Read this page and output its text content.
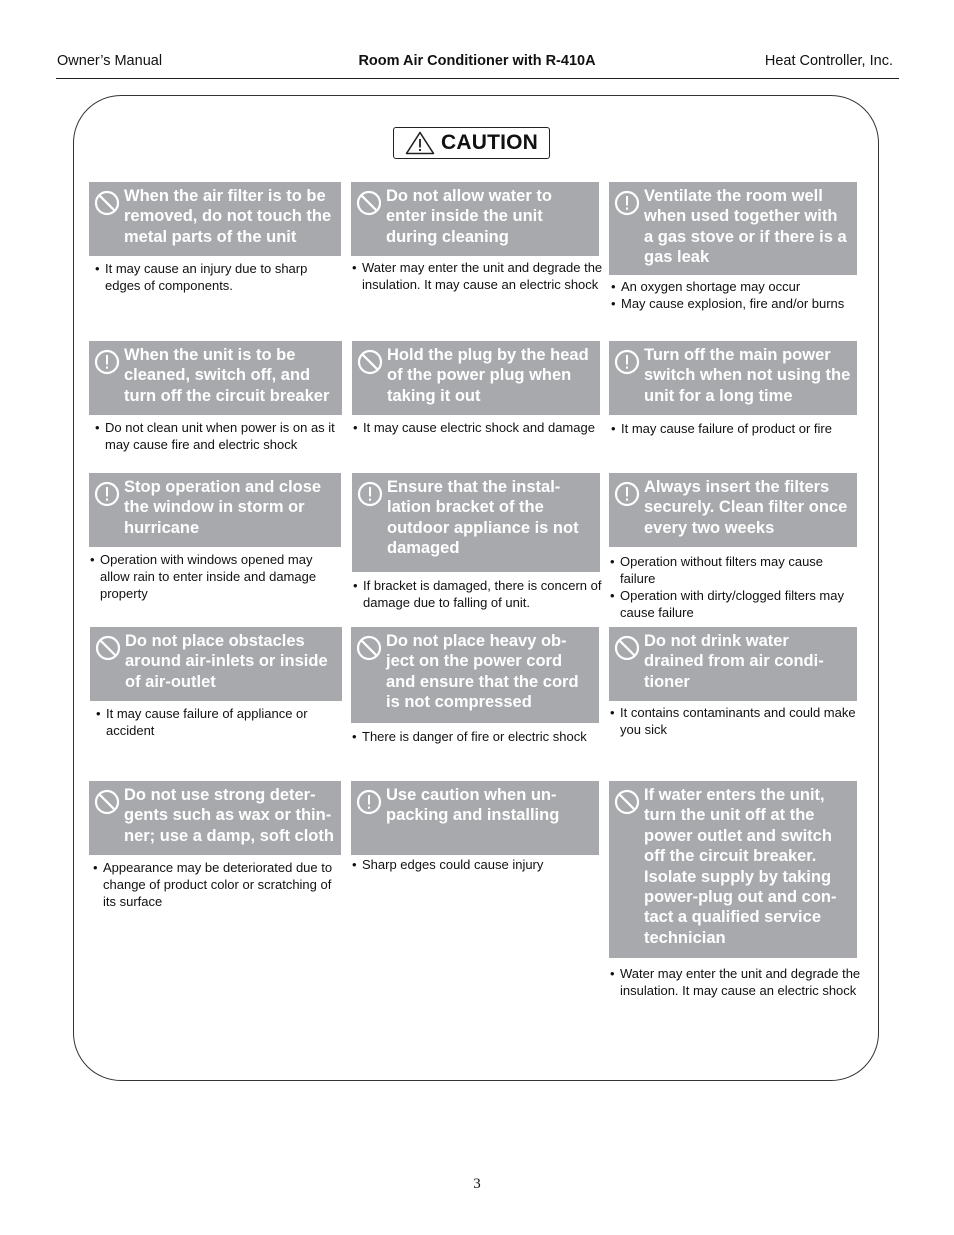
Owner’s Manual	Room Air Conditioner with R-410A	Heat Controller, Inc.
CAUTION
When the air filter is to be removed, do not touch the metal parts of the unit
• It may cause an injury due to sharp edges of components.
Do not allow water to enter inside the unit during cleaning
• Water may enter the unit and degrade the insulation. It may cause an electric shock
Ventilate the room well when used together with a gas stove or if there is a gas leak
• An oxygen shortage may occur
• May cause explosion, fire and/or burns
When the unit is to be cleaned, switch off, and turn off the circuit breaker
• Do not clean unit when power is on as it may cause fire and electric shock
Hold the plug by the head of the power plug when taking it out
• It may cause electric shock and damage
Turn off the main power switch when not using the unit for a long time
• It may cause failure of product or fire
Stop operation and close the window in storm or hurricane
• Operation with windows opened may allow rain to enter inside and damage property
Ensure that the instal-lation bracket of the outdoor appliance is not damaged
• If bracket is damaged, there is concern of damage due to falling of unit.
Always insert the filters securely. Clean filter once every two weeks
• Operation without filters may cause failure
• Operation with dirty/clogged filters may cause failure
Do not place obstacles around air-inlets or inside of air-outlet
• It may cause failure of appliance or accident
Do not place heavy ob-ject on the power cord and ensure that the cord is not compressed
• There is danger of fire or electric shock
Do not drink water drained from air condi-tioner
• It contains contaminants and could make you sick
Do not use strong deter-gents such as wax or thin-ner; use a damp, soft cloth
• Appearance may be deteriorated due to change of product color or scratching of its surface
Use caution when un-packing and installing
• Sharp edges could cause injury
If water enters the unit, turn the unit off at the power outlet and switch off the circuit breaker. Isolate supply by taking power-plug out and con-tact a qualified service technician
• Water may enter the unit and degrade the insulation. It may cause an electric shock
3
